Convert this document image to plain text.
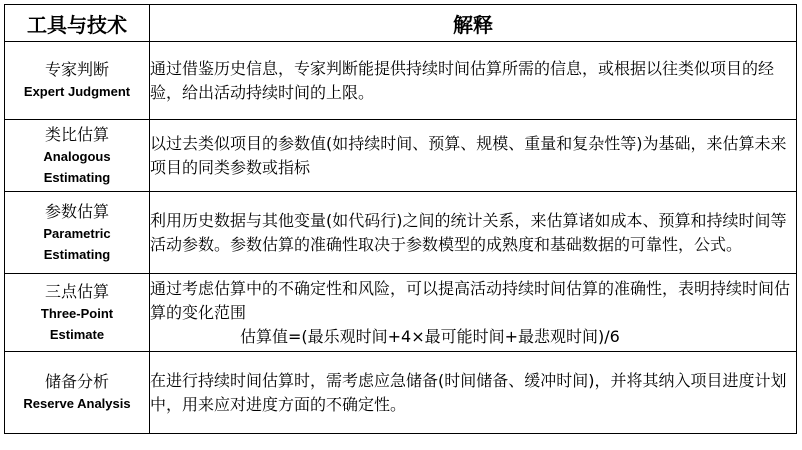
工具与技术	解释

专家判断
Expert Judgment	通过借鉴历史信息，专家判断能提供持续时间估算所需的信息，或根据以往类似项目的经验，给出活动持续时间的上限。

类比估算
Analogous
Estimating	以过去类似项目的参数值(如持续时间、预算、规模、重量和复杂性等)为基础，来估算未来项目的同类参数或指标

参数估算
Parametric
Estimating	利用历史数据与其他变量(如代码行)之间的统计关系，来估算诸如成本、预算和持续时间等活动参数。参数估算的准确性取决于参数模型的成熟度和基础数据的可靠性，公式。

三点估算
Three-Point
Estimate	通过考虑估算中的不确定性和风险，可以提高活动持续时间估算的准确性，表明持续时间估算的变化范围
估算值=(最乐观时间+4×最可能时间+最悲观时间)/6

储备分析
Reserve Analysis	在进行持续时间估算时，需考虑应急储备(时间储备、缓冲时间)，并将其纳入项目进度计划中，用来应对进度方面的不确定性。
